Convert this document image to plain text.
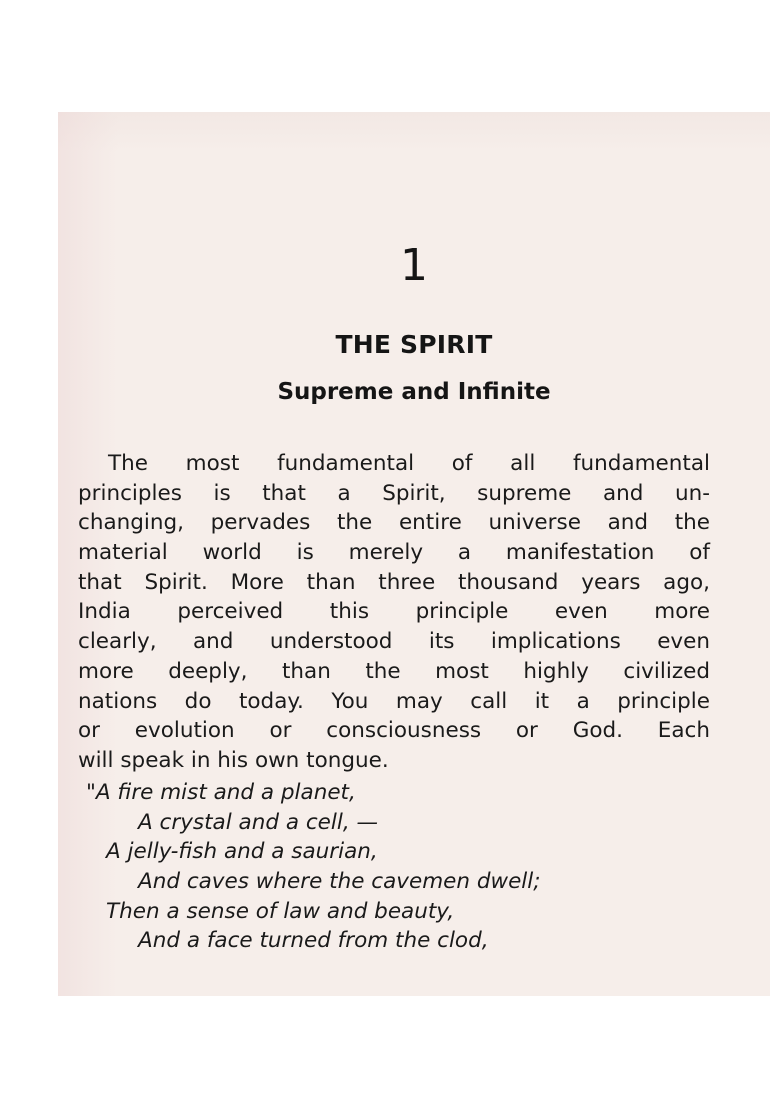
1
THE SPIRIT
Supreme and Infinite
The most fundamental of all fundamental
principles is that a Spirit, supreme and un-
changing, pervades the entire universe and the
material world is merely a manifestation of
that Spirit. More than three thousand years ago,
India perceived this principle even more
clearly, and understood its implications even
more deeply, than the most highly civilized
nations do today. You may call it a principle
or evolution or consciousness or God. Each
will speak in his own tongue.
"A fire mist and a planet,
A crystal and a cell, —
A jelly-fish and a saurian,
And caves where the cavemen dwell;
Then a sense of law and beauty,
And a face turned from the clod,
